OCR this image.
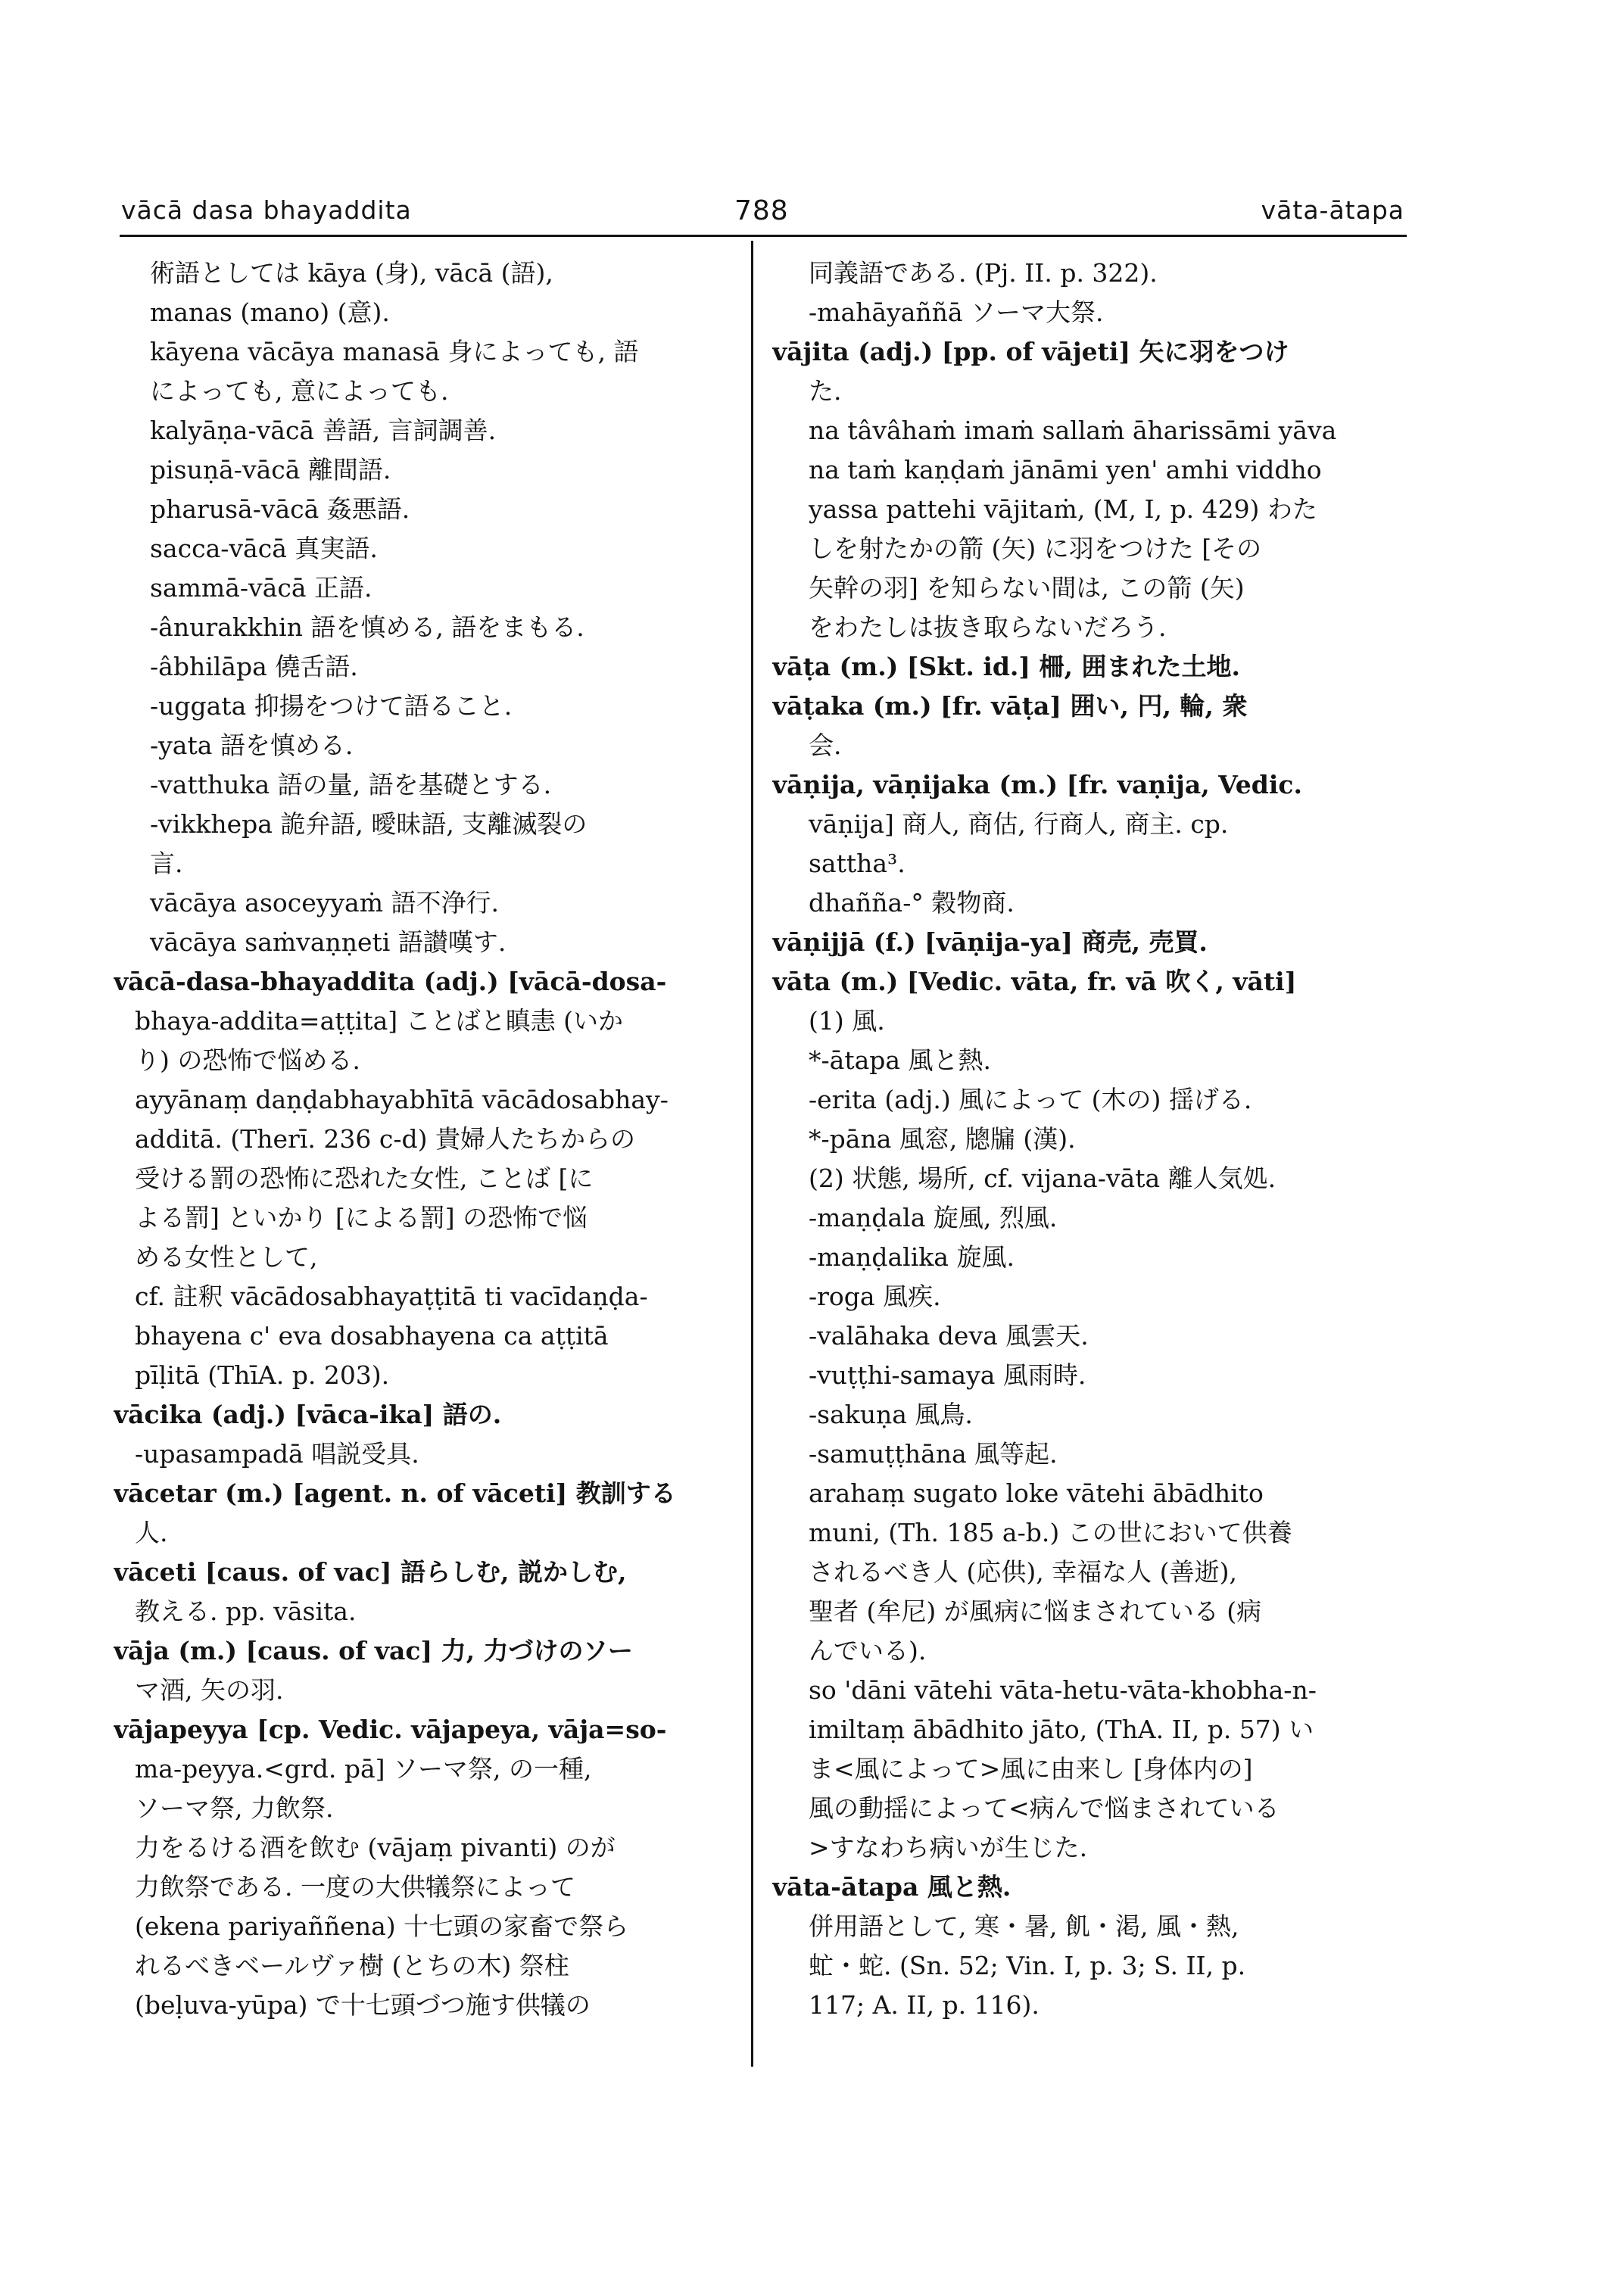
vācā dasa bhayaddita	788	vāta-ātapa
術語としては kāya (身), vācā (語),
manas (mano) (意).
kāyena vācāya manasā 身によっても, 語
によっても, 意によっても.
kalyāṇa-vācā 善語, 言詞調善.
pisuṇā-vācā 離間語.
pharusā-vācā 姦悪語.
sacca-vācā 真実語.
sammā-vācā 正語.
-ânurakkhin 語を慎める, 語をまもる.
-âbhilāpa 僥舌語.
-uggata 抑揚をつけて語ること.
-yata 語を慎める.
-vatthuka 語の量, 語を基礎とする.
-vikkhepa 詭弁語, 曖昧語, 支離滅裂の
言.
vācāya asoceyyaṁ 語不浄行.
vācāya saṁvaṇṇeti 語讃嘆す.
vācā-dasa-bhayaddita (adj.) [vācā-dosa-
bhaya-addita=aṭṭita] ことばと瞋恚 (いか
り) の恐怖で悩める.
ayyānaṃ daṇḍabhayabhītā vācādosabhay-
additā. (Therī. 236 c-d) 貴婦人たちからの
受ける罰の恐怖に恐れた女性, ことば [に
よる罰] といかり [による罰] の恐怖で悩
める女性として,
cf. 註釈 vācādosabhayaṭṭitā ti vacīdaṇḍa-
bhayena c' eva dosabhayena ca aṭṭitā
pīḷitā (ThīA. p. 203).
vācika (adj.) [vāca-ika] 語の.
-upasampadā 唱説受具.
vācetar (m.) [agent. n. of vāceti] 教訓する
人.
vāceti [caus. of vac] 語らしむ, 説かしむ,
教える. pp. vāsita.
vāja (m.) [caus. of vac] 力, 力づけのソー
マ酒, 矢の羽.
vājapeyya [cp. Vedic. vājapeya, vāja=so-
ma-peyya.<grd. pā] ソーマ祭, の一種,
ソーマ祭, 力飲祭.
力をるける酒を飲む (vājaṃ pivanti) のが
力飲祭である. 一度の大供犠祭によって
(ekena pariyaññena) 十七頭の家畜で祭ら
れるべきベールヴァ樹 (とちの木) 祭柱
(beḷuva-yūpa) で十七頭づつ施す供犠の
同義語である. (Pj. II. p. 322).
-mahāyaññā ソーマ大祭.
vājita (adj.) [pp. of vājeti] 矢に羽をつけ
た.
na tâvâhaṁ imaṁ sallaṁ āharissāmi yāva
na taṁ kaṇḍaṁ jānāmi yen' amhi viddho
yassa pattehi vājitaṁ, (M, I, p. 429) わた
しを射たかの箭 (矢) に羽をつけた [その
矢幹の羽] を知らない間は, この箭 (矢)
をわたしは抜き取らないだろう.
vāṭa (m.) [Skt. id.] 柵, 囲まれた土地.
vāṭaka (m.) [fr. vāṭa] 囲い, 円, 輪, 衆
会.
vāṇija, vāṇijaka (m.) [fr. vaṇija, Vedic.
vāṇija] 商人, 商估, 行商人, 商主. cp.
sattha³.
dhañña-° 穀物商.
vāṇijjā (f.) [vāṇija-ya] 商売, 売買.
vāta (m.) [Vedic. vāta, fr. vā 吹く, vāti]
(1) 風.
*-ātapa 風と熱.
-erita (adj.) 風によって (木の) 揺げる.
*-pāna 風窓, 牕牖 (漢).
(2) 状態, 場所, cf. vijana-vāta 離人気処.
-maṇḍala 旋風, 烈風.
-maṇḍalika 旋風.
-roga 風疾.
-valāhaka deva 風雲天.
-vuṭṭhi-samaya 風雨時.
-sakuṇa 風鳥.
-samuṭṭhāna 風等起.
arahaṃ sugato loke vātehi ābādhito
muni, (Th. 185 a-b.) この世において供養
されるべき人 (応供), 幸福な人 (善逝),
聖者 (牟尼) が風病に悩まされている (病
んでいる).
so 'dāni vātehi vāta-hetu-vāta-khobha-n-
imiltaṃ ābādhito jāto, (ThA. II, p. 57) い
ま<風によって>風に由来し [身体内の]
風の動揺によって<病んで悩まされている
>すなわち病いが生じた.
vāta-ātapa 風と熱.
併用語として, 寒・暑, 飢・渇, 風・熱,
虻・蛇. (Sn. 52; Vin. I, p. 3; S. II, p.
117; A. II, p. 116).
